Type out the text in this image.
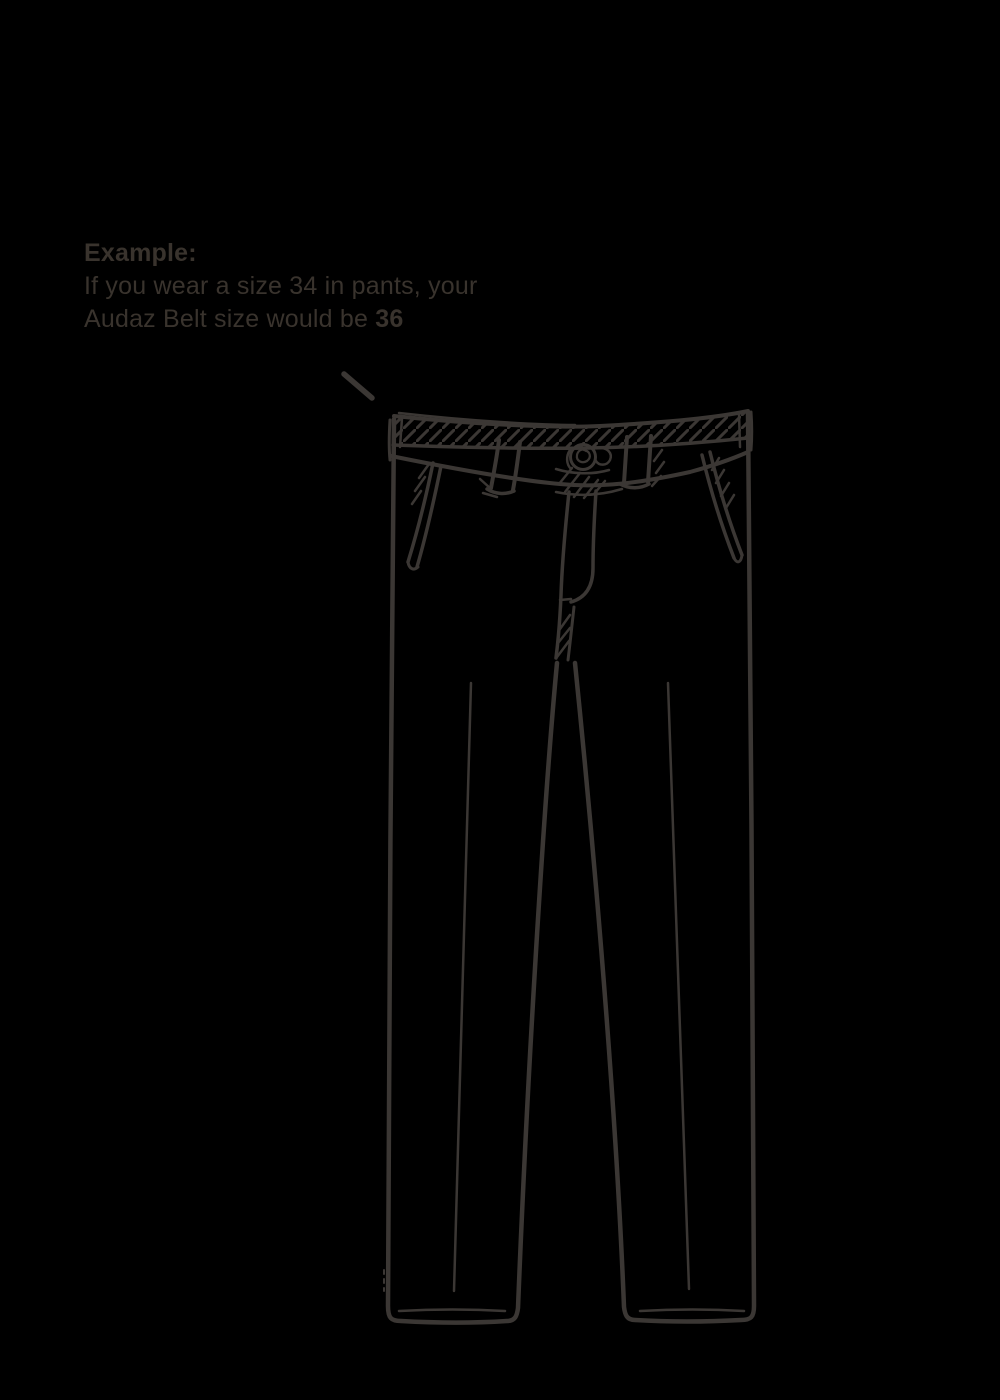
Example:
If you wear a size 34 in pants, your
Audaz Belt size would be 36
